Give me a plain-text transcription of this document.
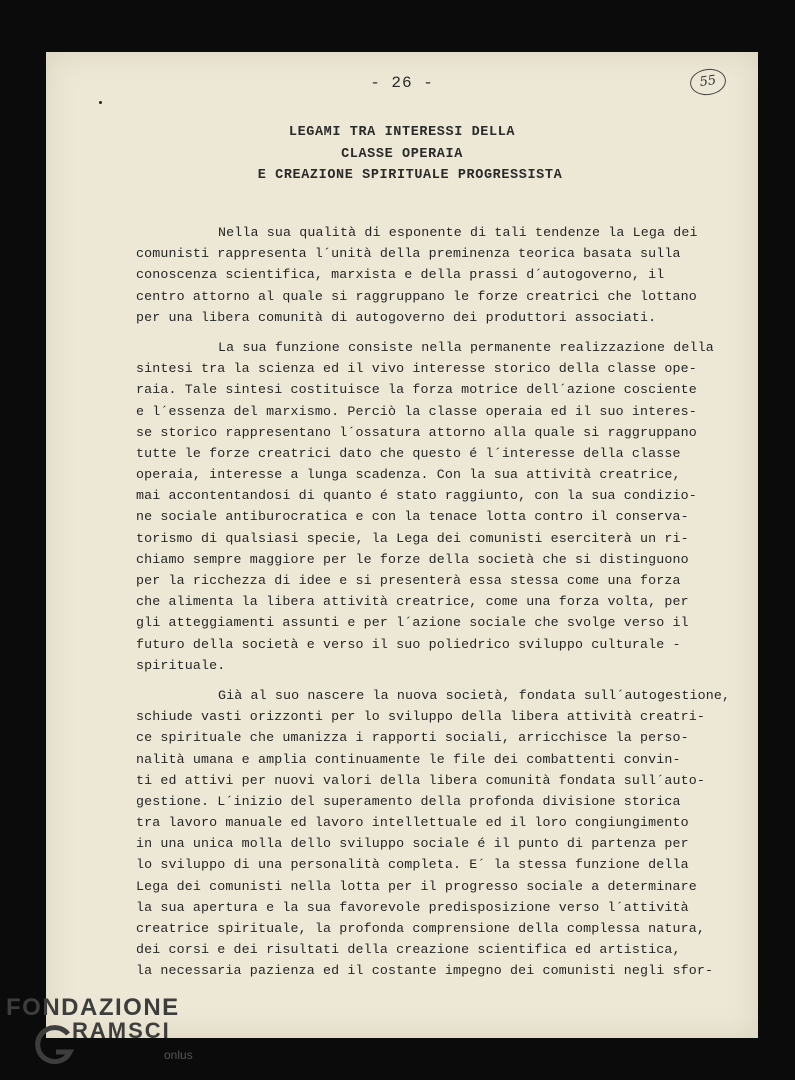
- 26 -	55
LEGAMI TRA INTERESSI DELLA
CLASSE OPERAIA
E CREAZIONE SPIRITUALE PROGRESSISTA
Nella sua qualità di esponente di tali tendenze la Lega dei
comunisti rappresenta l´unità della preminenza teorica basata sulla
conoscenza scientifica, marxista e della prassi d´autogoverno, il
centro attorno al quale si raggruppano le forze creatrici che lottano
per una libera comunità di autogoverno dei produttori associati.
La sua funzione consiste nella permanente realizzazione della
sintesi tra la scienza ed il vivo interesse storico della classe ope-
raia. Tale sintesi costituisce la forza motrice dell´azione cosciente
e l´essenza del marxismo. Perciò la classe operaia ed il suo interes-
se storico rappresentano l´ossatura attorno alla quale si raggruppano
tutte le forze creatrici dato che questo é l´interesse della classe
operaia, interesse a lunga scadenza. Con la sua attività creatrice,
mai accontentandosi di quanto é stato raggiunto, con la sua condizio-
ne sociale antiburocratica e con la tenace lotta contro il conserva-
torismo di qualsiasi specie, la Lega dei comunisti eserciterà un ri-
chiamo sempre maggiore per le forze della società che si distinguono
per la ricchezza di idee e si presenterà essa stessa come una forza
che alimenta la libera attività creatrice, come una forza volta, per
gli atteggiamenti assunti e per l´azione sociale che svolge verso il
futuro della società e verso il suo poliedrico sviluppo culturale -
spirituale.
Già al suo nascere la nuova società, fondata sull´autogestione,
schiude vasti orizzonti per lo sviluppo della libera attività creatri-
ce spirituale che umanizza i rapporti sociali, arricchisce la perso-
nalità umana e amplia continuamente le file dei combattenti convin-
ti ed attivi per nuovi valori della libera comunità fondata sull´auto-
gestione. L´inizio del superamento della profonda divisione storica
tra lavoro manuale ed lavoro intellettuale ed il loro congiungimento
in una unica molla dello sviluppo sociale é il punto di partenza per
lo sviluppo di una personalità completa. E´ la stessa funzione della
Lega dei comunisti nella lotta per il progresso sociale a determinare
la sua apertura e la sua favorevole predisposizione verso l´attività
creatrice spirituale, la profonda comprensione della complessa natura,
dei corsi e dei risultati della creazione scientifica ed artistica,
la necessaria pazienza ed il costante impegno dei comunisti negli sfor-
FONDAZIONE
RAMSCI
onlus
